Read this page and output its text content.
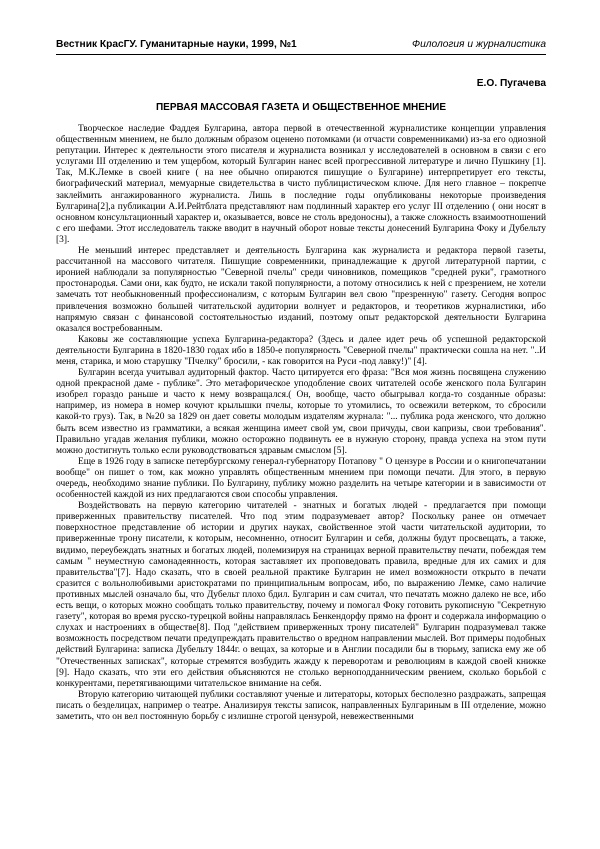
Вестник КрасГУ. Гуманитарные науки, 1999, №1	Филология и журналистика
Е.О. Пугачева
ПЕРВАЯ МАССОВАЯ ГАЗЕТА И ОБЩЕСТВЕННОЕ МНЕНИЕ

Творческое наследие Фаддея Булгарина, автора первой в отечественной журналистике концепции управления общественным мнением, не было должным образом оценено потомками (и отчасти современниками) из-за его одиозной репутации. Интерес к деятельности этого писателя и журналиста возникал у исследователей в основном в связи с его услугами III отделению и тем ущербом, который Булгарин нанес всей прогрессивной литературе и лично Пушкину [1]. Так, М.К.Лемке в своей книге ( на нее обычно опираются пишущие о Булгарине) интерпретирует его тексты, биографический материал, мемуарные свидетельства в чисто публицистическом ключе. Для него главное – покрепче заклеймить ангажированного журналиста. Лишь в последние годы опубликованы некоторые произведения Булгарина[2],а публикации А.И.Рейтблата представляют нам подлинный характер его услуг III отделению ( они носят в основном консультационный характер и, оказывается, вовсе не столь вредоносны), а также сложность взаимоотношений с его шефами. Этот исследователь также вводит в научный оборот новые тексты донесений Булгарина Фоку и Дубельту [3].

Не меньший интерес представляет и деятельность Булгарина как журналиста и редактора первой газеты, рассчитанной на массового читателя. Пишущие современники, принадлежащие к другой литературной партии, с иронией наблюдали за популярностью "Северной пчелы" среди чиновников, помещиков "средней руки", грамотного простонародья. Сами они, как будто, не искали такой популярности, а потому относились к ней с презрением, не хотели замечать тот необыкновенный профессионализм, с которым Булгарин вел свою "презренную" газету. Сегодня вопрос привлечения возможно большей читательской аудитории волнует и редакторов, и теоретиков журналистики, ибо напрямую связан с финансовой состоятельностью изданий, поэтому опыт редакторской деятельности Булгарина оказался востребованным.

Каковы же составляющие успеха Булгарина-редактора? (Здесь и далее идет речь об успешной редакторской деятельности Булгарина в 1820-1830 годах ибо в 1850-е популярность "Северной пчелы" практически сошла на нет. "..И меня, старика, и мою старушку "Пчелку" бросили, - как говорится на Руси -под лавку!)" [4].

Булгарин всегда учитывал аудиторный фактор. Часто цитируется его фраза: "Вся моя жизнь посвящена служению одной прекрасной даме - публике". Это метафорическое уподобление своих читателей особе женского пола Булгарин изобрел гораздо раньше и часто к нему возвращался.( Он, вообще, часто обыгрывал когда-то созданные образы: например, из номера в номер кочуют крылышки пчелы, которые то утомились, то освежили ветерком, то сбросили какой-то груз). Так, в №20 за 1829 он дает советы молодым издателям журнала: "... публика рода женского, что должно быть всем известно из грамматики, а всякая женщина имеет свой ум, свои причуды, свои капризы, свои требования". Правильно угадав желания публики, можно осторожно подвинуть ее в нужную сторону, правда успеха на этом пути можно достигнуть только если руководствоваться здравым смыслом [5].

Еще в 1926 году в записке петербургскому генерал-губернатору Потапову " О цензуре в России и о книгопечатании вообще" он пишет о том, как можно управлять общественным мнением при помощи печати. Для этого, в первую очередь, необходимо знание публики. По Булгарину, публику можно разделить на четыре категории и в зависимости от особенностей каждой из них предлагаются свои способы управления.

Воздействовать на первую категорию читателей - знатных и богатых людей - предлагается при помощи приверженных правительству писателей. Что под этим подразумевает автор? Поскольку ранее он отмечает поверхностное представление об истории и других науках, свойственное этой части читательской аудитории, то приверженные трону писатели, к которым, несомненно, относит Булгарин и себя, должны будут просвещать, а также, видимо, переубеждать знатных и богатых людей, полемизируя на страницах верной правительству печати, побеждая тем самым " неуместную самонадеянность, которая заставляет их проповедовать правила, вредные для их самих и для правительства"[7]. Надо сказать, что в своей реальной практике Булгарин не имел возможности открыто в печати сразится с вольнолюбивыми аристократами по принципиальным вопросам, ибо, по выражению Лемке, само наличие противных мыслей означало бы, что Дубельт плохо бдил. Булгарин и сам считал, что печатать можно далеко не все, ибо есть вещи, о которых можно сообщать только правительству, почему и помогал Фоку готовить рукописную "Секретную газету", которая во время русско-турецкой войны направлялась Бенкендорфу прямо на фронт и содержала информацию о слухах и настроениях в обществе[8]. Под "действием приверженных трону писателей" Булгарин подразумевал также возможность посредством печати предупреждать правительство о вредном направлении мыслей. Вот примеры подобных действий Булгарина: записка Дубельту 1844г. о вещах, за которые и в Англии посадили бы в тюрьму, записка ему же об "Отечественных записках", которые стремятся возбудить жажду к переворотам и революциям в каждой своей книжке [9]. Надо сказать, что эти его действия объясняются не столько верноподданническим рвением, сколько борьбой с конкурентами, перетягивающими читательское внимание на себя.

Вторую категорию читающей публики составляют ученые и литераторы, которых бесполезно раздражать, запрещая писать о безделицах, например о театре. Анализируя тексты записок, направленных Булгариным в III отделение, можно заметить, что он вел постоянную борьбу с излишне строгой цензурой, невежественными
